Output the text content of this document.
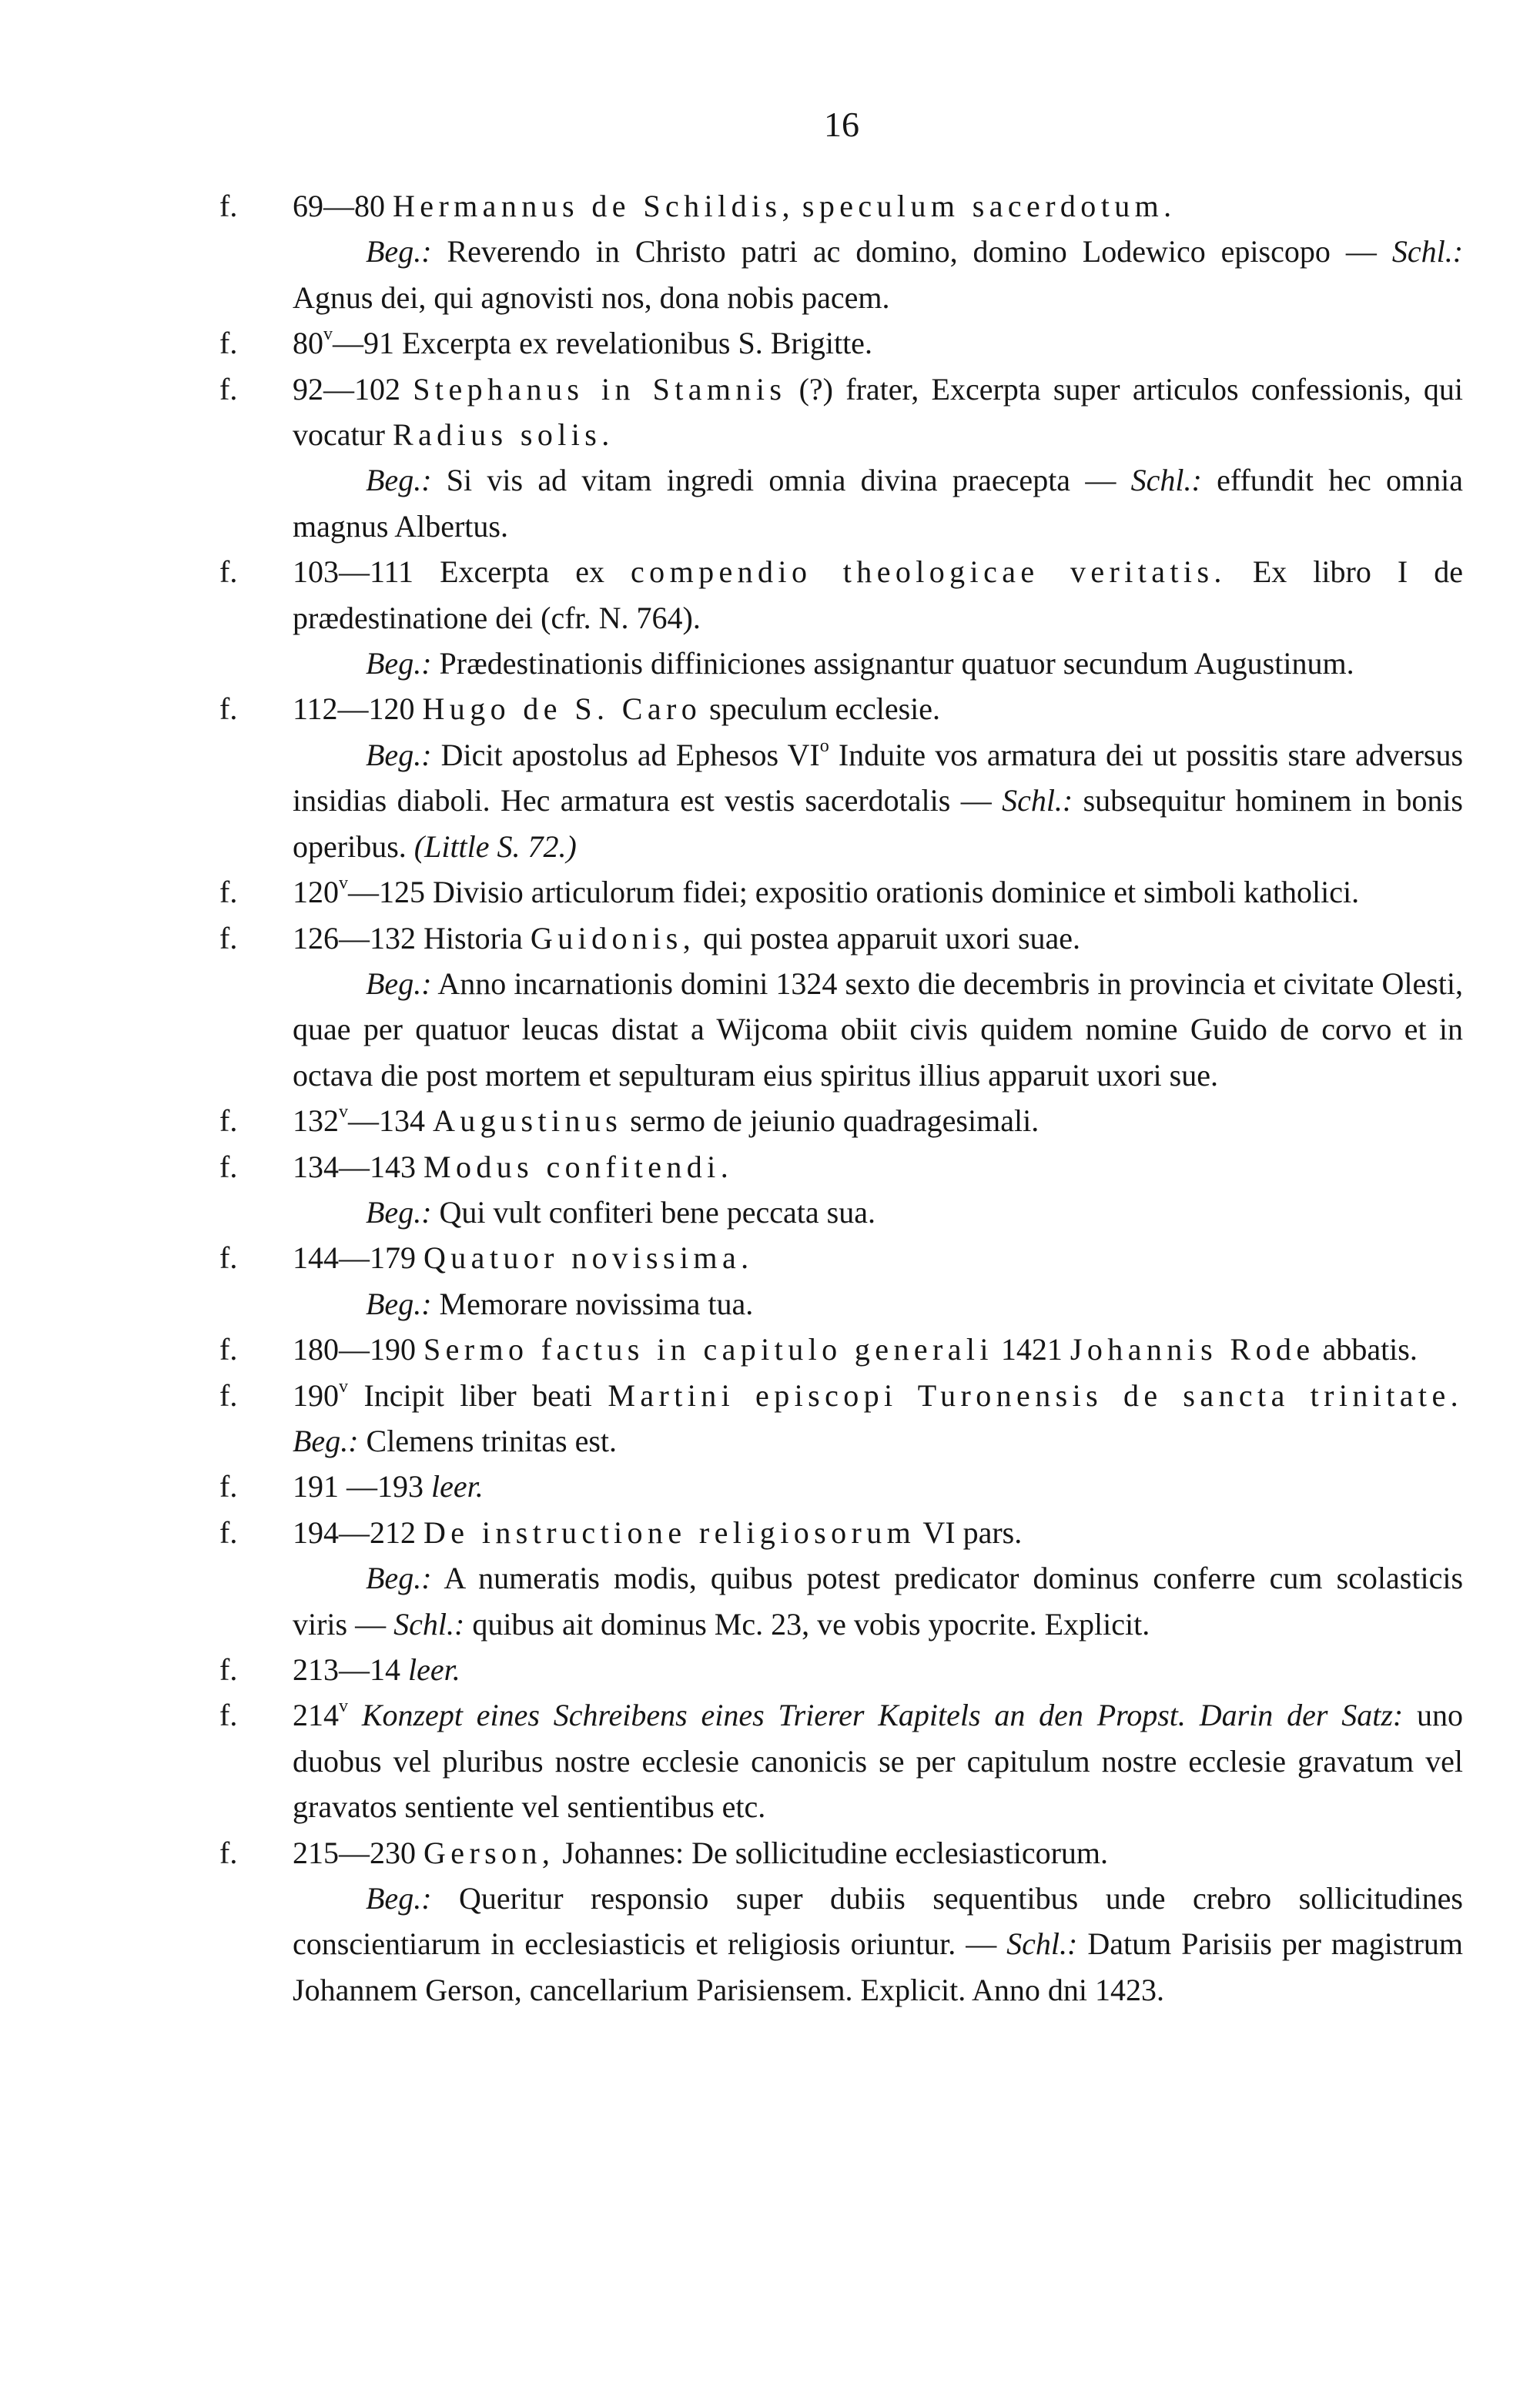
16
f. 69—80 Hermannus de Schildis, speculum sacerdotum.
Beg.: Reverendo in Christo patri ac domino, domino Lodewico episcopo — Schl.: Agnus dei, qui agnovisti nos, dona nobis pacem.
f. 80$^v$—91 Excerpta ex revelationibus S. Brigitte.
f. 92—102 Stephanus in Stamnis (?) frater, Excerpta super articulos confessionis, qui vocatur Radius solis.
Beg.: Si vis ad vitam ingredi omnia divina praecepta — Schl.: effundit hec omnia magnus Albertus.
f. 103—111 Excerpta ex compendio theologicae veritatis. Ex libro I de prædestinatione dei (cfr. N. 764).
Beg.: Prædestinationis diffiniciones assignantur quatuor secundum Augustinum.
f. 112—120 Hugo de S. Caro speculum ecclesie.
Beg.: Dicit apostolus ad Ephesos $VI^o$ Induite vos armatura dei ut possitis stare adversus insidias diaboli. Hec armatura est vestis sacerdotalis — Schl.: subsequitur hominem in bonis operibus. (Little S. 72.)
f. 120$^v$—125 Divisio articulorum fidei; expositio orationis dominice et simboli katholici.
f. 126—132 Historia Guidonis, qui postea apparuit uxori suae.
Beg.: Anno incarnationis domini 1324 sexto die decembris in provincia et civitate Olesti, quae per quatuor leucas distat a Wijcoma obiit civis quidem nomine Guido de corvo et in octava die post mortem et sepulturam eius spiritus illius apparuit uxori sue.
f. 132$^v$—134 Augustinus sermo de jeiunio quadragesimali.
f. 134—143 Modus confitendi.
Beg.: Qui vult confiteri bene peccata sua.
f. 144—179 Quatuor novissima.
Beg.: Memorare novissima tua.
f. 180—190 Sermo factus in capitulo generali 1421 Johannis Rode abbatis.
f. 190$^v$ Incipit liber beati Martini episcopi Turonensis de sancta trinitate. Beg.: Clemens trinitas est.
f. 191 —193 leer.
f. 194—212 De instructione religiosorum VI pars.
Beg.: A numeratis modis, quibus potest predicator dominus conferre cum scolasticis viris — Schl.: quibus ait dominus Mc. 23, ve vobis ypocrite. Explicit.
f. 213—14 leer.
f. 214$^v$ Konzept eines Schreibens eines Trierer Kapitels an den Propst. Darin der Satz: uno duobus vel pluribus nostre ecclesie canonicis se per capitulum nostre ecclesie gravatum vel gravatos sentiente vel sentientibus etc.
f. 215—230 Gerson, Johannes: De sollicitudine ecclesiasticorum.
Beg.: Queritur responsio super dubiis sequentibus unde crebro sollicitudines conscientiarum in ecclesiasticis et religiosis oriuntur. — Schl.: Datum Parisiis per magistrum Johannem Gerson, cancellarium Parisiensem. Explicit. Anno dni 1423.
